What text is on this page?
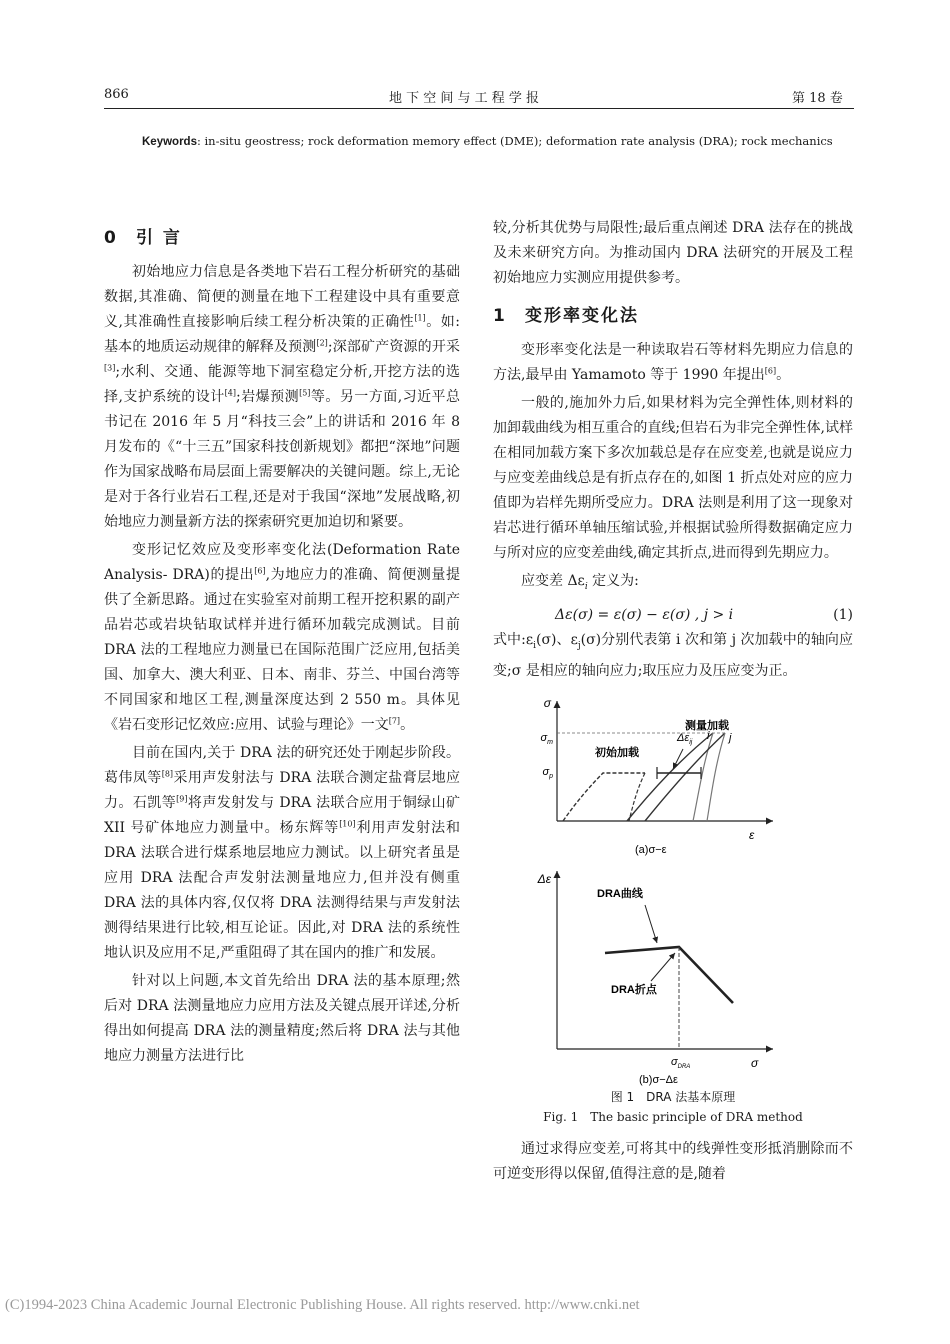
866	地 下 空 间 与 工 程 学 报	第 18 卷
Keywords: in-situ geostress; rock deformation memory effect (DME); deformation rate analysis (DRA); rock mechanics
0 引 言

初始地应力信息是各类地下岩石工程分析研究的基础数据,其准确、简便的测量在地下工程建设中具有重要意义,其准确性直接影响后续工程分析决策的正确性[1]。如:基本的地质运动规律的解释及预测[2];深部矿产资源的开采[3];水利、交通、能源等地下洞室稳定分析,开挖方法的选择,支护系统的设计[4];岩爆预测[5]等。另一方面,习近平总书记在 2016 年 5 月“科技三会”上的讲话和 2016 年 8 月发布的《“十三五”国家科技创新规划》都把“深地”问题作为国家战略布局层面上需要解决的关键问题。综上,无论是对于各行业岩石工程,还是对于我国“深地”发展战略,初始地应力测量新方法的探索研究更加迫切和紧要。

变形记忆效应及变形率变化法(Deformation Rate Analysis- DRA)的提出[6],为地应力的准确、简便测量提供了全新思路。通过在实验室对前期工程开挖积累的副产品岩芯或岩块钻取试样并进行循环加载完成测试。目前 DRA 法的工程地应力测量已在国际范围广泛应用,包括美国、加拿大、澳大利亚、日本、南非、芬兰、中国台湾等不同国家和地区工程,测量深度达到 2 550 m。具体见《岩石变形记忆效应:应用、试验与理论》一文[7]。

目前在国内,关于 DRA 法的研究还处于刚起步阶段。葛伟凤等[8]采用声发射法与 DRA 法联合测定盐膏层地应力。石凯等[9]将声发射发与 DRA 法联合应用于铜绿山矿 XII 号矿体地应力测量中。杨东辉等[10]利用声发射法和 DRA 法联合进行煤系地层地应力测试。以上研究者虽是应用 DRA 法配合声发射法测量地应力,但并没有侧重 DRA 法的具体内容,仅仅将 DRA 法测得结果与声发射法测得结果进行比较,相互论证。因此,对 DRA 法的系统性地认识及应用不足,严重阻碍了其在国内的推广和发展。

针对以上问题,本文首先给出 DRA 法的基本原理;然后对 DRA 法测量地应力应用方法及关键点展开详述,分析得出如何提高 DRA 法的测量精度;然后将 DRA 法与其他地应力测量方法进行比

较,分析其优势与局限性;最后重点阐述 DRA 法存在的挑战及未来研究方向。为推动国内 DRA 法研究的开展及工程初始地应力实测应用提供参考。

1 变形率变化法

变形率变化法是一种读取岩石等材料先期应力信息的方法,最早由 Yamamoto 等于 1990 年提出[6]。

一般的,施加外力后,如果材料为完全弹性体,则材料的加卸载曲线为相互重合的直线;但岩石为非完全弹性体,试样在相同加载方案下多次加载总是存在应变差,也就是说应力与应变差曲线总是有折点存在的,如图 1 折点处对应的应力值即为岩样先期所受应力。DRA 法则是利用了这一现象对岩芯进行循环单轴压缩试验,并根据试验所得数据确定应力与所对应的应变差曲线,确定其折点,进而得到先期应力。

应变差 $\Delta\varepsilon_i$ 定义为:

Δε(σ) = ε(σ) − ε(σ) , j > i	(1)

式中$:\varepsilon_i(\sigma)$、$\varepsilon_j(\sigma)$分别代表第 i 次和第 j 次加载中的轴向应变;σ 是相应的轴向应力;取压应力及压应变为正。

σ
$\sigma_m$
$\sigma_p$
测量加载
初始加载
$\Delta\varepsilon_{ij}$
i j
ε
(a)σ−ε
Δε
DRA曲线
DRA折点
$\sigma_{DRA}$	σ
(b)σ−Δε
图 1　DRA 法基本原理
Fig. 1　The basic principle of DRA method

通过求得应变差,可将其中的线弹性变形抵消删除而不可逆变形得以保留,值得注意的是,随着

(C)1994-2023 China Academic Journal Electronic Publishing House. All rights reserved. http://www.cnki.net
